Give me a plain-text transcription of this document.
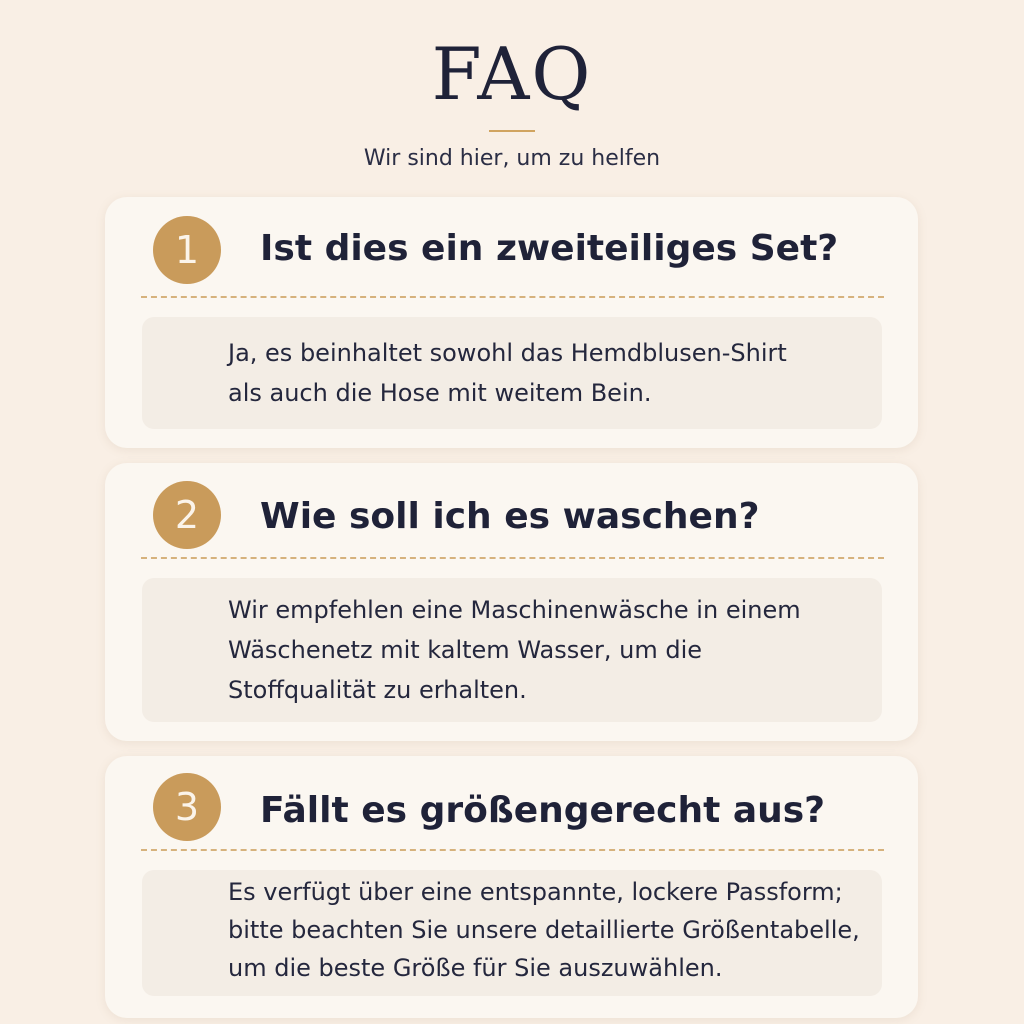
FAQ

Wir sind hier, um zu helfen

1	Ist dies ein zweiteiliges Set?

Ja, es beinhaltet sowohl das Hemdblusen-Shirt
als auch die Hose mit weitem Bein.

2	Wie soll ich es waschen?

Wir empfehlen eine Maschinenwäsche in einem
Wäschenetz mit kaltem Wasser, um die
Stoffqualität zu erhalten.

3	Fällt es größengerecht aus?

Es verfügt über eine entspannte, lockere Passform;
bitte beachten Sie unsere detaillierte Größentabelle,
um die beste Größe für Sie auszuwählen.
